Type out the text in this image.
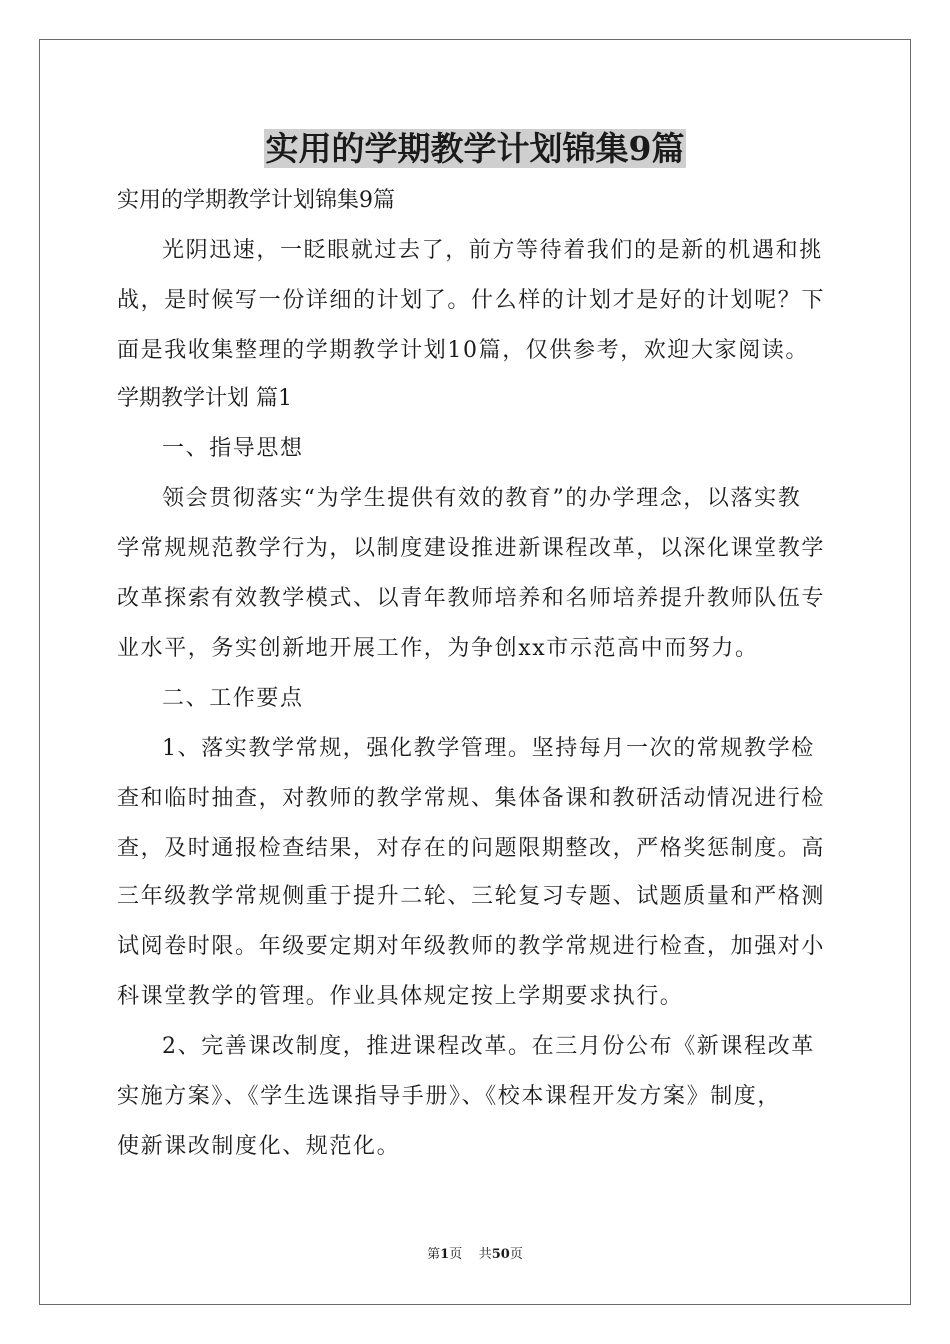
实用的学期教学计划锦集9篇

实用的学期教学计划锦集9篇

光阴迅速，一眨眼就过去了，前方等待着我们的是新的机遇和挑

战，是时候写一份详细的计划了。什么样的计划才是好的计划呢？下

面是我收集整理的学期教学计划10篇，仅供参考，欢迎大家阅读。

学期教学计划 篇1

一、指导思想

领会贯彻落实“为学生提供有效的教育”的办学理念，以落实教

学常规规范教学行为，以制度建设推进新课程改革，以深化课堂教学

改革探索有效教学模式、以青年教师培养和名师培养提升教师队伍专

业水平，务实创新地开展工作，为争创xx市示范高中而努力。

二、工作要点

1、落实教学常规，强化教学管理。坚持每月一次的常规教学检

查和临时抽查，对教师的教学常规、集体备课和教研活动情况进行检

查，及时通报检查结果，对存在的问题限期整改，严格奖惩制度。高

三年级教学常规侧重于提升二轮、三轮复习专题、试题质量和严格测

试阅卷时限。年级要定期对年级教师的教学常规进行检查，加强对小

科课堂教学的管理。作业具体规定按上学期要求执行。

2、完善课改制度，推进课程改革。在三月份公布《新课程改革

实施方案》、《学生选课指导手册》、《校本课程开发方案》制度，

使新课改制度化、规范化。

第1页 共50页
